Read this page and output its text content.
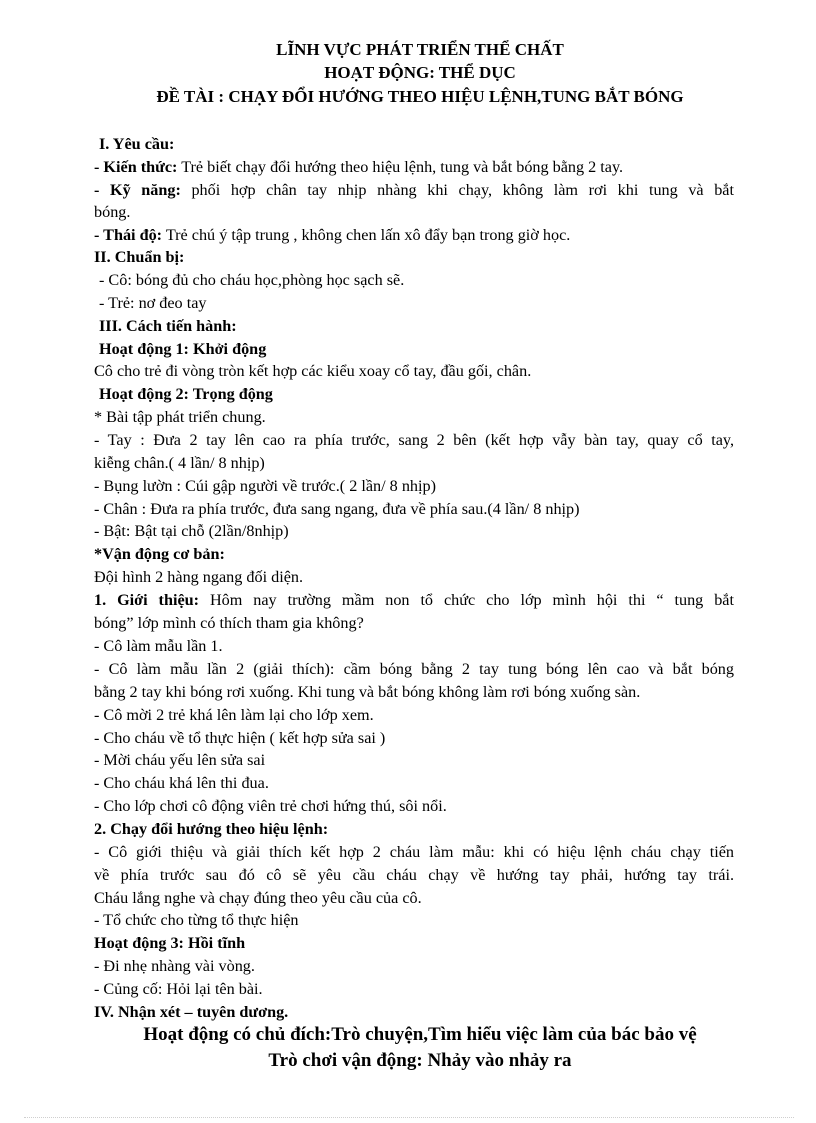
LĨNH VỰC PHÁT TRIỂN THỂ CHẤT
HOẠT ĐỘNG: THỂ DỤC
ĐỀ TÀI : CHẠY ĐỔI HƯỚNG THEO HIỆU LỆNH,TUNG BẮT BÓNG
I. Yêu cầu:
- Kiến thức: Trẻ biết chạy đổi hướng theo hiệu lệnh, tung và bắt bóng bằng 2 tay.
- Kỹ năng: phối hợp chân tay nhịp nhàng khi chạy, không làm rơi khi tung và bắt
bóng.
- Thái độ: Trẻ chú ý tập trung , không chen lấn xô đẩy bạn trong giờ học.
II. Chuẩn bị:
- Cô: bóng đủ cho cháu học,phòng học sạch sẽ.
- Trẻ: nơ đeo tay
III. Cách tiến hành:
Hoạt động 1: Khởi động
Cô cho trẻ đi vòng tròn kết hợp các kiểu xoay cổ tay, đầu gối, chân.
Hoạt động 2: Trọng động
* Bài tập phát triển chung.
- Tay : Đưa 2 tay lên cao ra phía trước, sang 2 bên (kết hợp vẫy bàn tay, quay cổ tay,
kiễng chân.( 4 lần/ 8 nhịp)
- Bụng lườn : Cúi gập người về trước.( 2 lần/ 8 nhịp)
- Chân : Đưa ra phía trước, đưa sang ngang, đưa về phía sau.(4 lần/ 8 nhịp)
- Bật: Bật tại chỗ (2lần/8nhịp)
*Vận động cơ bản:
Đội hình 2 hàng ngang đối diện.
1. Giới thiệu: Hôm nay trường mầm non tổ chức cho lớp mình hội thi “ tung bắt
bóng” lớp mình có thích tham gia không?
- Cô làm mẫu lần 1.
- Cô làm mẫu lần 2 (giải thích): cầm bóng bằng 2 tay tung bóng lên cao và bắt bóng
bằng 2 tay khi bóng rơi xuống. Khi tung và bắt bóng không làm rơi bóng xuống sàn.
- Cô mời 2 trẻ khá lên làm lại cho lớp xem.
- Cho cháu về tổ thực hiện ( kết hợp sửa sai )
- Mời cháu yếu lên sửa sai
- Cho cháu khá lên thi đua.
- Cho lớp chơi cô động viên trẻ chơi hứng thú, sôi nổi.
2. Chạy đổi hướng theo hiệu lệnh:
- Cô giới thiệu và giải thích kết hợp 2 cháu làm mẫu: khi có hiệu lệnh cháu chạy tiến
về phía trước sau đó cô sẽ yêu cầu cháu chạy về hướng tay phải, hướng tay trái.
Cháu lắng nghe và chạy đúng theo yêu cầu của cô.
- Tổ chức cho từng tổ thực hiện
Hoạt động 3: Hồi tĩnh
- Đi nhẹ nhàng vài vòng.
- Củng cố: Hỏi lại tên bài.
IV. Nhận xét – tuyên dương.
Hoạt động có chủ đích:Trò chuyện,Tìm hiểu việc làm của bác bảo vệ
Trò chơi vận động: Nhảy vào nhảy ra
